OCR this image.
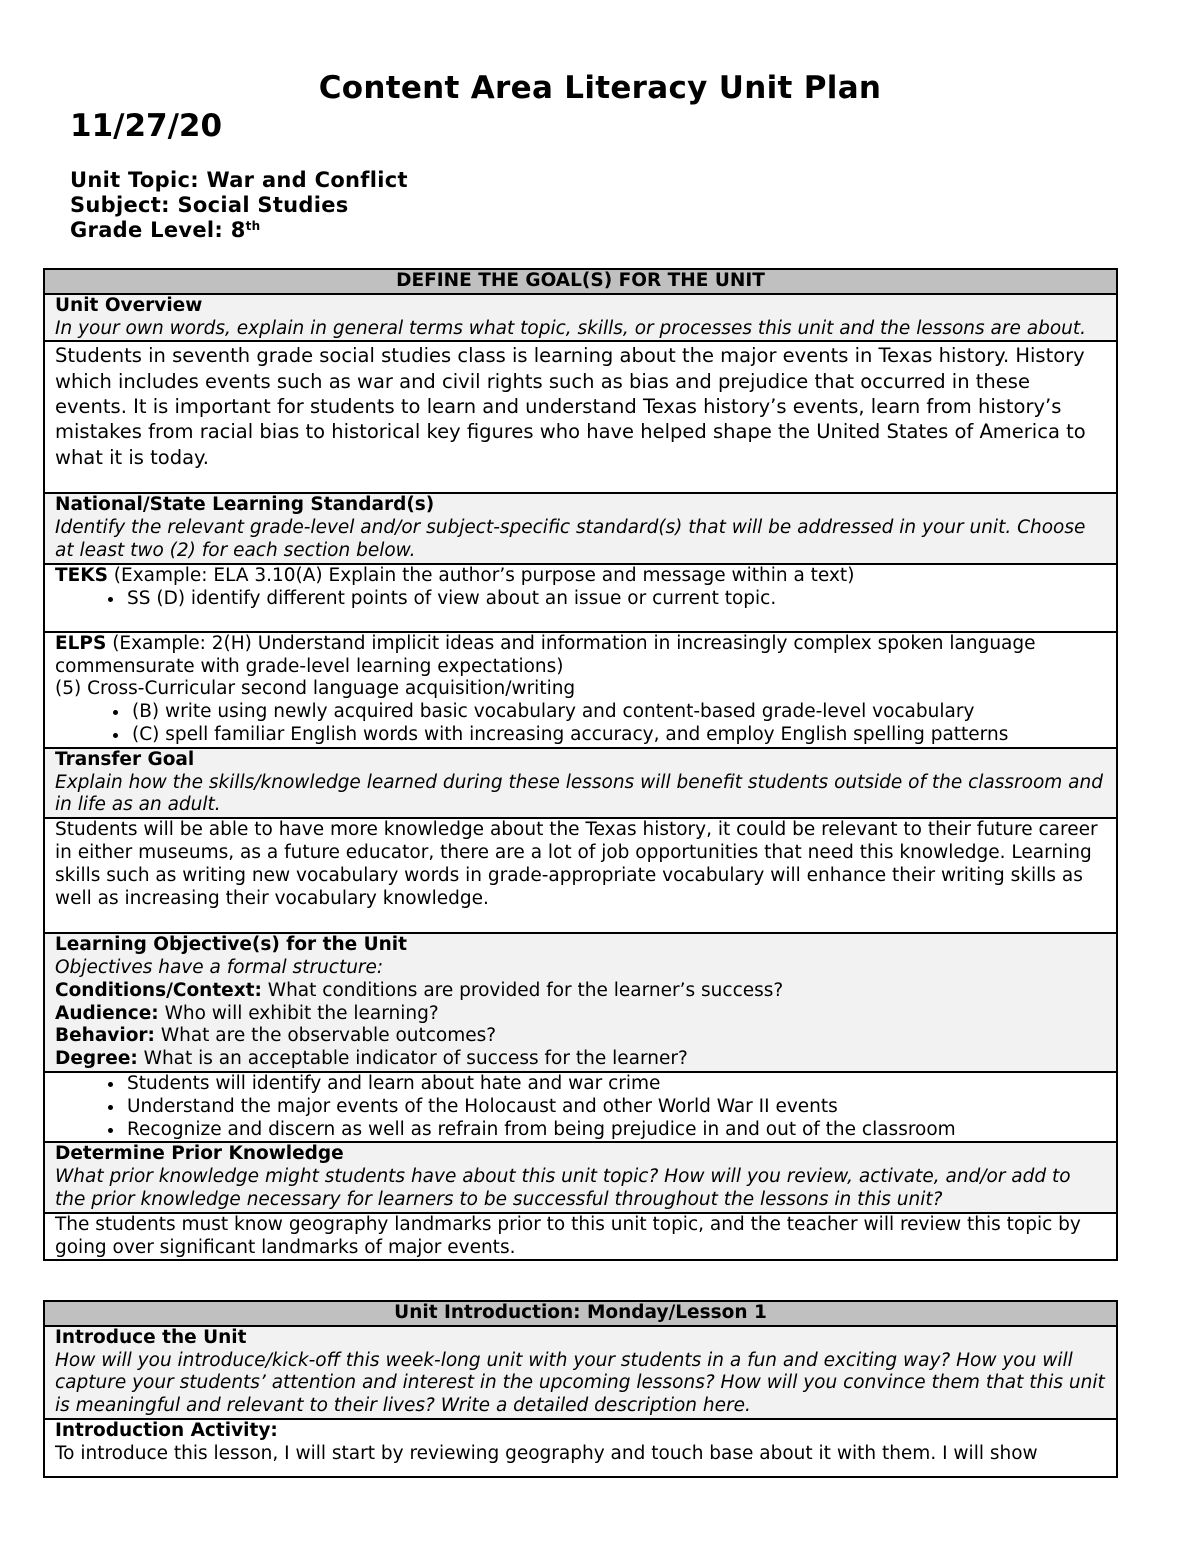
Content Area Literacy Unit Plan
11/27/20
Unit Topic: War and Conflict
Subject: Social Studies
Grade Level: 8th
DEFINE THE GOAL(S) FOR THE UNIT

Unit Overview
In your own words, explain in general terms what topic, skills, or processes this unit and the lessons are about.

Students in seventh grade social studies class is learning about the major events in Texas history. History which includes events such as war and civil rights such as bias and prejudice that occurred in these events. It is important for students to learn and understand Texas history’s events, learn from history’s mistakes from racial bias to historical key figures who have helped shape the United States of America to what it is today.

National/State Learning Standard(s)
Identify the relevant grade-level and/or subject-specific standard(s) that will be addressed in your unit. Choose at least two (2) for each section below.

TEKS (Example: ELA 3.10(A) Explain the author’s purpose and message within a text)
• SS (D) identify different points of view about an issue or current topic.

ELPS (Example: 2(H) Understand implicit ideas and information in increasingly complex spoken language commensurate with grade-level learning expectations)
(5) Cross-Curricular second language acquisition/writing
• (B) write using newly acquired basic vocabulary and content-based grade-level vocabulary
• (C) spell familiar English words with increasing accuracy, and employ English spelling patterns

Transfer Goal
Explain how the skills/knowledge learned during these lessons will benefit students outside of the classroom and in life as an adult.

Students will be able to have more knowledge about the Texas history, it could be relevant to their future career in either museums, as a future educator, there are a lot of job opportunities that need this knowledge. Learning skills such as writing new vocabulary words in grade-appropriate vocabulary will enhance their writing skills as well as increasing their vocabulary knowledge.

Learning Objective(s) for the Unit
Objectives have a formal structure:
Conditions/Context: What conditions are provided for the learner’s success?
Audience: Who will exhibit the learning?
Behavior: What are the observable outcomes?
Degree: What is an acceptable indicator of success for the learner?

• Students will identify and learn about hate and war crime
• Understand the major events of the Holocaust and other World War II events
• Recognize and discern as well as refrain from being prejudice in and out of the classroom

Determine Prior Knowledge
What prior knowledge might students have about this unit topic? How will you review, activate, and/or add to the prior knowledge necessary for learners to be successful throughout the lessons in this unit?

The students must know geography landmarks prior to this unit topic, and the teacher will review this topic by going over significant landmarks of major events.
Unit Introduction: Monday/Lesson 1

Introduce the Unit
How will you introduce/kick-off this week-long unit with your students in a fun and exciting way? How you will capture your students’ attention and interest in the upcoming lessons? How will you convince them that this unit is meaningful and relevant to their lives? Write a detailed description here.

Introduction Activity:
To introduce this lesson, I will start by reviewing geography and touch base about it with them. I will show
